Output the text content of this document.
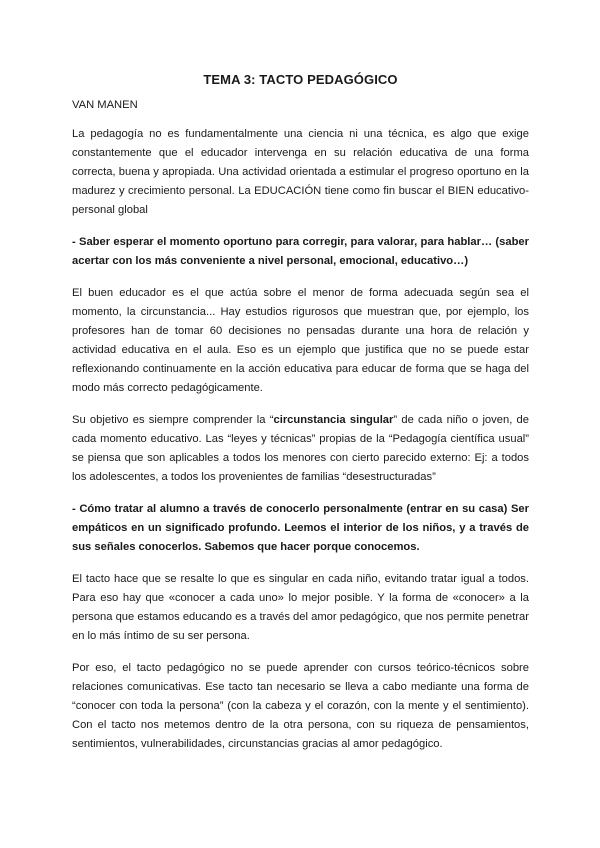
TEMA 3: TACTO PEDAGÓGICO
VAN MANEN

La pedagogía no es fundamentalmente una ciencia ni una técnica, es algo que exige constantemente que el educador intervenga en su relación educativa de una forma correcta, buena y apropiada. Una actividad orientada a estimular el progreso oportuno en la madurez y crecimiento personal. La EDUCACIÓN tiene como fin buscar el BIEN educativo-personal global

- Saber esperar el momento oportuno para corregir, para valorar, para hablar… (saber acertar con los más conveniente a nivel personal, emocional, educativo…)

El buen educador es el que actúa sobre el menor de forma adecuada según sea el momento, la circunstancia... Hay estudios rigurosos que muestran que, por ejemplo, los profesores han de tomar 60 decisiones no pensadas durante una hora de relación y actividad educativa en el aula. Eso es un ejemplo que justifica que no se puede estar reflexionando continuamente en la acción educativa para educar de forma que se haga del modo más correcto pedagógicamente.

Su objetivo es siempre comprender la “circunstancia singular” de cada niño o joven, de cada momento educativo. Las “leyes y técnicas” propias de la “Pedagogía científica usual” se piensa que son aplicables a todos los menores con cierto parecido externo: Ej: a todos los adolescentes, a todos los provenientes de familias “desestructuradas”

- Cómo tratar al alumno a través de conocerlo personalmente (entrar en su casa) Ser empáticos en un significado profundo. Leemos el interior de los niños, y a través de sus señales conocerlos. Sabemos que hacer porque conocemos.

El tacto hace que se resalte lo que es singular en cada niño, evitando tratar igual a todos. Para eso hay que «conocer a cada uno» lo mejor posible. Y la forma de «conocer» a la persona que estamos educando es a través del amor pedagógico, que nos permite penetrar en lo más íntimo de su ser persona.

Por eso, el tacto pedagógico no se puede aprender con cursos teórico-técnicos sobre relaciones comunicativas. Ese tacto tan necesario se lleva a cabo mediante una forma de “conocer con toda la persona” (con la cabeza y el corazón, con la mente y el sentimiento). Con el tacto nos metemos dentro de la otra persona, con su riqueza de pensamientos, sentimientos, vulnerabilidades, circunstancias gracias al amor pedagógico.
